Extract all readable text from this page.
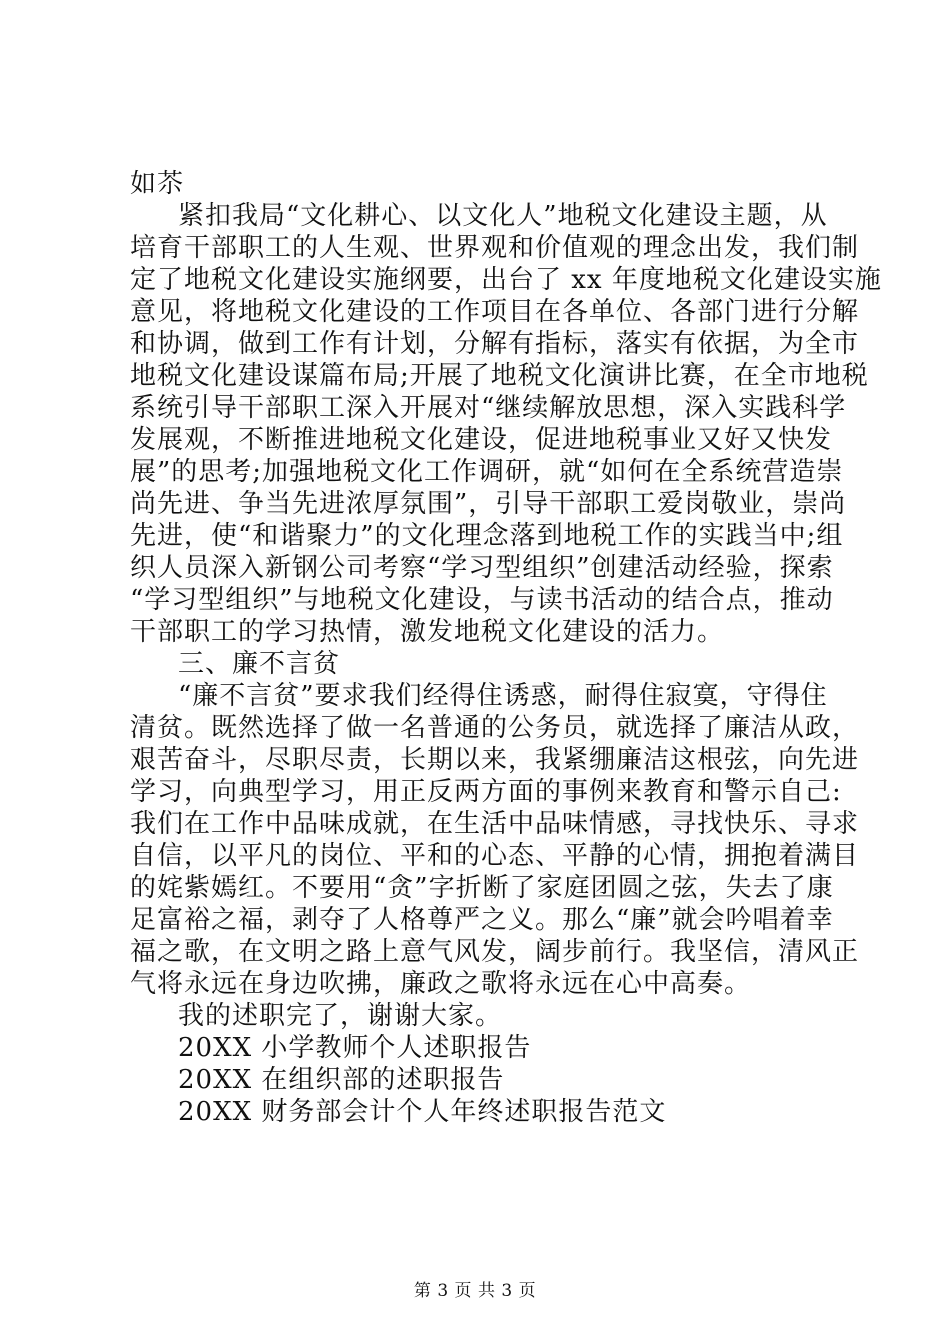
如苶
紧扣我局“文化耕心、以文化人”地税文化建设主题，从
培育干部职工的人生观、世界观和价值观的理念出发，我们制
定了地税文化建设实施纲要，出台了 xx 年度地税文化建设实施
意见，将地税文化建设的工作项目在各单位、各部门进行分解
和协调，做到工作有计划，分解有指标，落实有依据，为全市
地税文化建设谋篇布局;开展了地税文化演讲比赛，在全市地税
系统引导干部职工深入开展对“继续解放思想，深入实践科学
发展观，不断推进地税文化建设，促进地税事业又好又快发
展”的思考;加强地税文化工作调研，就“如何在全系统营造崇
尚先进、争当先进浓厚氛围”，引导干部职工爱岗敬业，崇尚
先进，使“和谐聚力”的文化理念落到地税工作的实践当中;组
织人员深入新钢公司考察“学习型组织”创建活动经验，探索
“学习型组织”与地税文化建设，与读书活动的结合点，推动
干部职工的学习热情，激发地税文化建设的活力。
三、廉不言贫
“廉不言贫”要求我们经得住诱惑，耐得住寂寞，守得住
清贫。既然选择了做一名普通的公务员，就选择了廉洁从政，
艰苦奋斗，尽职尽责，长期以来，我紧绷廉洁这根弦，向先进
学习，向典型学习，用正反两方面的事例来教育和警示自己:
我们在工作中品味成就，在生活中品味情感，寻找快乐、寻求
自信，以平凡的岗位、平和的心态、平静的心情，拥抱着满目
的姹紫嫣红。不要用“贪”字折断了家庭团圆之弦，失去了康
足富裕之福，剥夺了人格尊严之义。那么“廉”就会吟唱着幸
福之歌，在文明之路上意气风发，阔步前行。我坚信，清风正
气将永远在身边吹拂，廉政之歌将永远在心中高奏。
我的述职完了，谢谢大家。
20XX 小学教师个人述职报告
20XX 在组织部的述职报告
20XX 财务部会计个人年终述职报告范文
第 3 页 共 3 页
